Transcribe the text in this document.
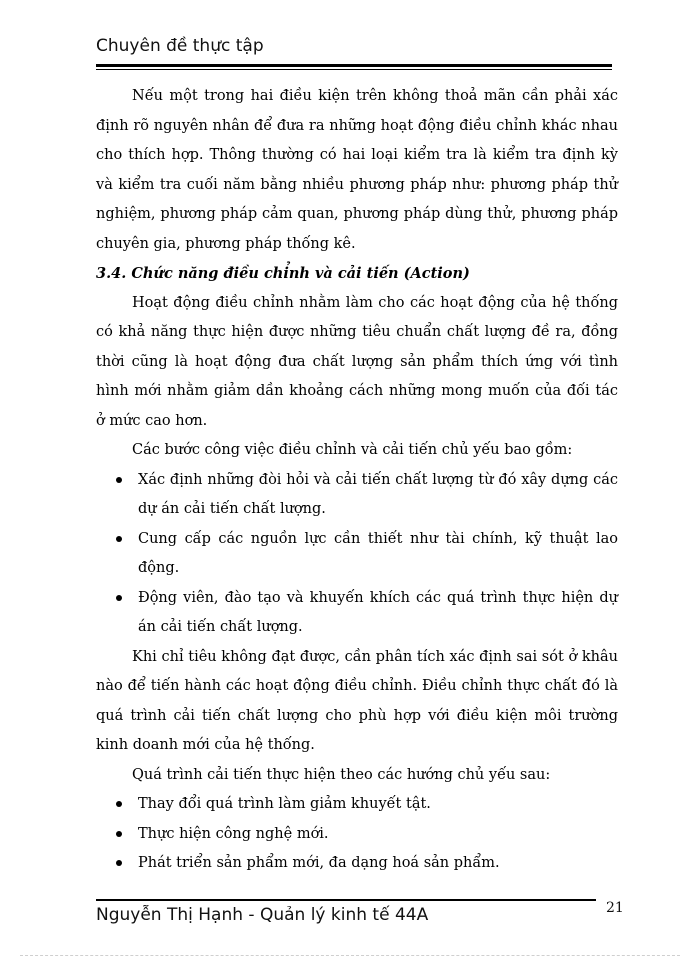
Chuyên đề thực tập

Nếu một trong hai điều kiện trên không thoả mãn cần phải xác định rõ nguyên nhân để đưa ra những hoạt động điều chỉnh khác nhau cho thích hợp. Thông thường có hai loại kiểm tra là kiểm tra định kỳ và kiểm tra cuối năm bằng nhiều phương pháp như: phương pháp thử nghiệm, phương pháp cảm quan, phương pháp dùng thử, phương pháp chuyên gia, phương pháp thống kê.

3.4. Chức năng điều chỉnh và cải tiến (Action)

Hoạt động điều chỉnh nhằm làm cho các hoạt động của hệ thống có khả năng thực hiện được những tiêu chuẩn chất lượng đề ra, đồng thời cũng là hoạt động đưa chất lượng sản phẩm thích ứng với tình hình mới nhằm giảm dần khoảng cách những mong muốn của đối tác ở mức cao hơn.

Các bước công việc điều chỉnh và cải tiến chủ yếu bao gồm:

Xác định những đòi hỏi và cải tiến chất lượng từ đó xây dựng các dự án cải tiến chất lượng.
Cung cấp các nguồn lực cần thiết như tài chính, kỹ thuật lao động.
Động viên, đào tạo và khuyến khích các quá trình thực hiện dự án cải tiến chất lượng.

Khi chỉ tiêu không đạt được, cần phân tích xác định sai sót ở khâu nào để tiến hành các hoạt động điều chỉnh. Điều chỉnh thực chất đó là quá trình cải tiến chất lượng cho phù hợp với điều kiện môi trường kinh doanh mới của hệ thống.

Quá trình cải tiến thực hiện theo các hướng chủ yếu sau:

Thay đổi quá trình làm giảm khuyết tật.
Thực hiện công nghệ mới.
Phát triển sản phẩm mới, đa dạng hoá sản phẩm.
Nguyễn Thị Hạnh - Quản lý kinh tế 44A	21
